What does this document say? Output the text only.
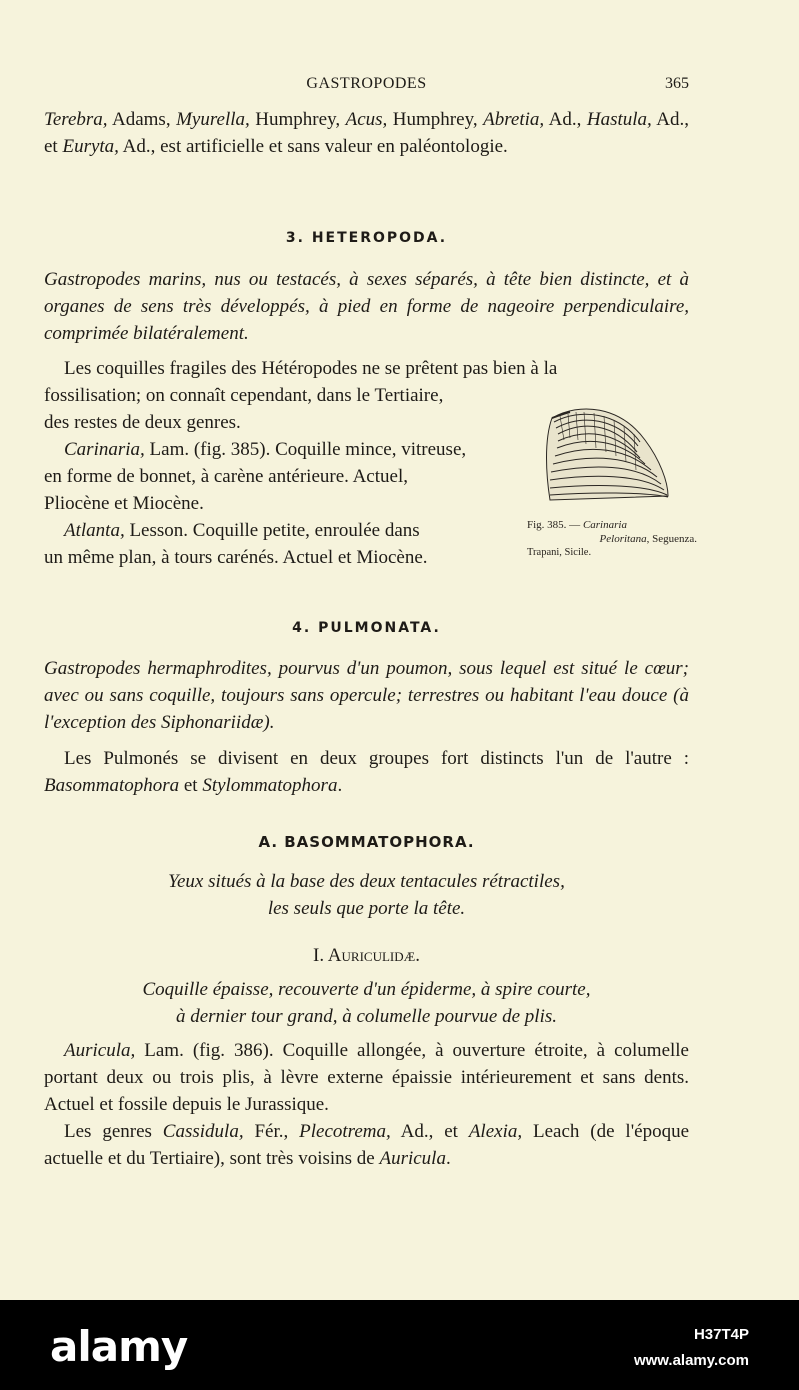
GASTROPODES	365
Terebra, Adams, Myurella, Humphrey, Acus, Humphrey, Abretia, Ad., Hastula, Ad., et Euryta, Ad., est artificielle et sans valeur en paléontologie.
3. HETEROPODA.
Gastropodes marins, nus ou testacés, à sexes séparés, à tête bien distincte, et à organes de sens très développés, à pied en forme de nageoire perpendiculaire, comprimée bilatéralement.
Les coquilles fragiles des Hétéropodes ne se prêtent pas bien à la
fossilisation; on connaît cependant, dans le Tertiaire,
des restes de deux genres.
Carinaria, Lam. (fig. 385). Coquille mince, vitreuse,
en forme de bonnet, à carène antérieure. Actuel,
Pliocène et Miocène.
Atlanta, Lesson. Coquille petite, enroulée dans
un même plan, à tours carénés. Actuel et Miocène.
Fig. 385. — Carinaria
Peloritana, Seguenza.
Trapani, Sicile.
4. PULMONATA.
Gastropodes hermaphrodites, pourvus d'un poumon, sous lequel est situé le cœur; avec ou sans coquille, toujours sans opercule; terrestres ou habitant l'eau douce (à l'exception des Siphonariidæ).
Les Pulmonés se divisent en deux groupes fort distincts l'un de l'autre : Basommatophora et Stylommatophora.
A. BASOMMATOPHORA.
Yeux situés à la base des deux tentacules rétractiles,
les seuls que porte la tête.
I. Auriculidæ.
Coquille épaisse, recouverte d'un épiderme, à spire courte,
à dernier tour grand, à columelle pourvue de plis.
Auricula, Lam. (fig. 386). Coquille allongée, à ouverture étroite, à columelle portant deux ou trois plis, à lèvre externe épaissie intérieurement et sans dents. Actuel et fossile depuis le Jurassique.
Les genres Cassidula, Fér., Plecotrema, Ad., et Alexia, Leach (de l'époque actuelle et du Tertiaire), sont très voisins de Auricula.
alamy	H37T4P
www.alamy.com
